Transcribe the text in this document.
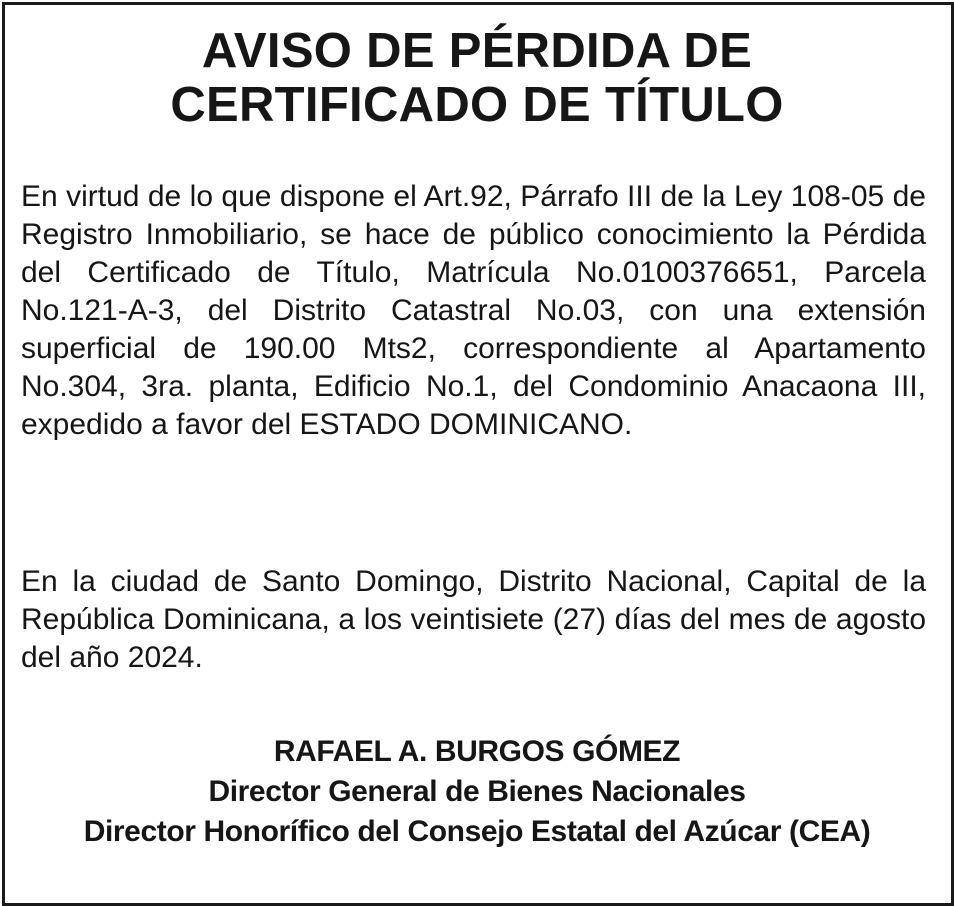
AVISO DE PÉRDIDA DE
CERTIFICADO DE TÍTULO
En virtud de lo que dispone el Art.92, Párrafo III de la Ley 108-05 de Registro Inmobiliario, se hace de público conocimiento la Pérdida del Certificado de Título, Matrícula No.0100376651, Parcela No.121-A-3, del Distrito Catastral No.03, con una extensión superficial de 190.00 Mts2, correspondiente al Apartamento No.304, 3ra. planta, Edificio No.1, del Condominio Anacaona III, expedido a favor del ESTADO DOMINICANO.
En la ciudad de Santo Domingo, Distrito Nacional, Capital de la República Dominicana, a los veintisiete (27) días del mes de agosto del año 2024.
RAFAEL A. BURGOS GÓMEZ
Director General de Bienes Nacionales
Director Honorífico del Consejo Estatal del Azúcar (CEA)
